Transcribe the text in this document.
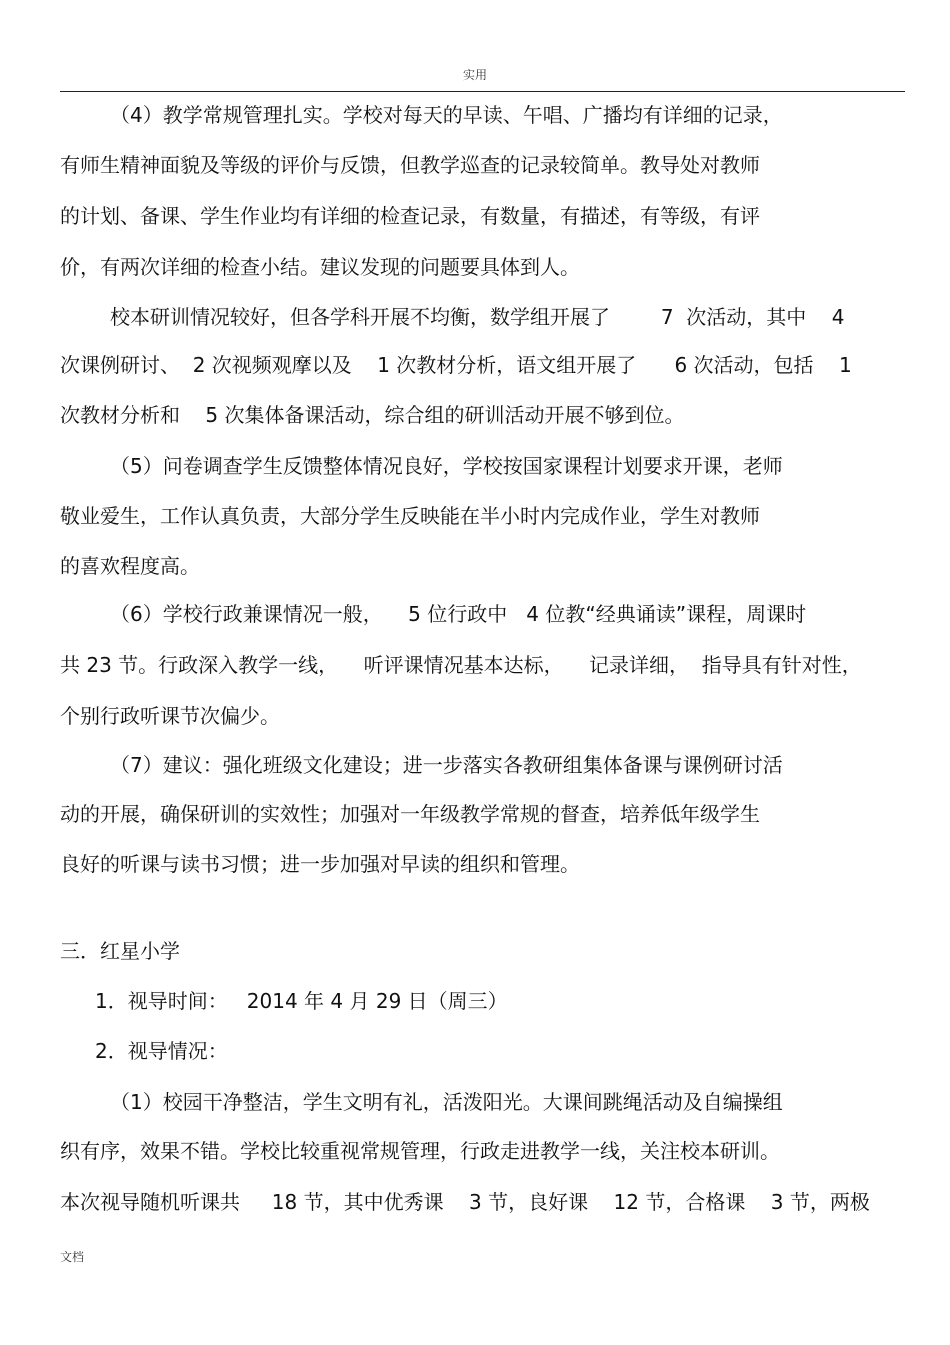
实用
（4）教学常规管理扎实。学校对每天的早读、午唱、广播均有详细的记录，
有师生精神面貌及等级的评价与反馈，但教学巡查的记录较简单。教导处对教师
的计划、备课、学生作业均有详细的检查记录，有数量，有描述，有等级，有评
价，有两次详细的检查小结。建议发现的问题要具体到人。
校本研训情况较好，但各学科开展不均衡，数学组开展了        7  次活动，其中    4
次课例研讨、  2 次视频观摩以及    1 次教材分析，语文组开展了      6 次活动，包括    1
次教材分析和    5 次集体备课活动，综合组的研训活动开展不够到位。
（5）问卷调查学生反馈整体情况良好，学校按国家课程计划要求开课，老师
敬业爱生，工作认真负责，大部分学生反映能在半小时内完成作业，学生对教师
的喜欢程度高。
（6）学校行政兼课情况一般，    5 位行政中   4 位教“经典诵读”课程，周课时
共 23 节。行政深入教学一线，    听评课情况基本达标，    记录详细，  指导具有针对性，
个别行政听课节次偏少。
（7）建议：强化班级文化建设；进一步落实各教研组集体备课与课例研讨活
动的开展，确保研训的实效性；加强对一年级教学常规的督查，培养低年级学生
良好的听课与读书习惯；进一步加强对早读的组织和管理。
三．红星小学
1．视导时间：   2014 年 4 月 29 日（周三）
2．视导情况：
（1）校园干净整洁，学生文明有礼，活泼阳光。大课间跳绳活动及自编操组
织有序，效果不错。学校比较重视常规管理，行政走进教学一线，关注校本研训。
本次视导随机听课共     18 节，其中优秀课    3 节，良好课    12 节，合格课    3 节，两极
文档
